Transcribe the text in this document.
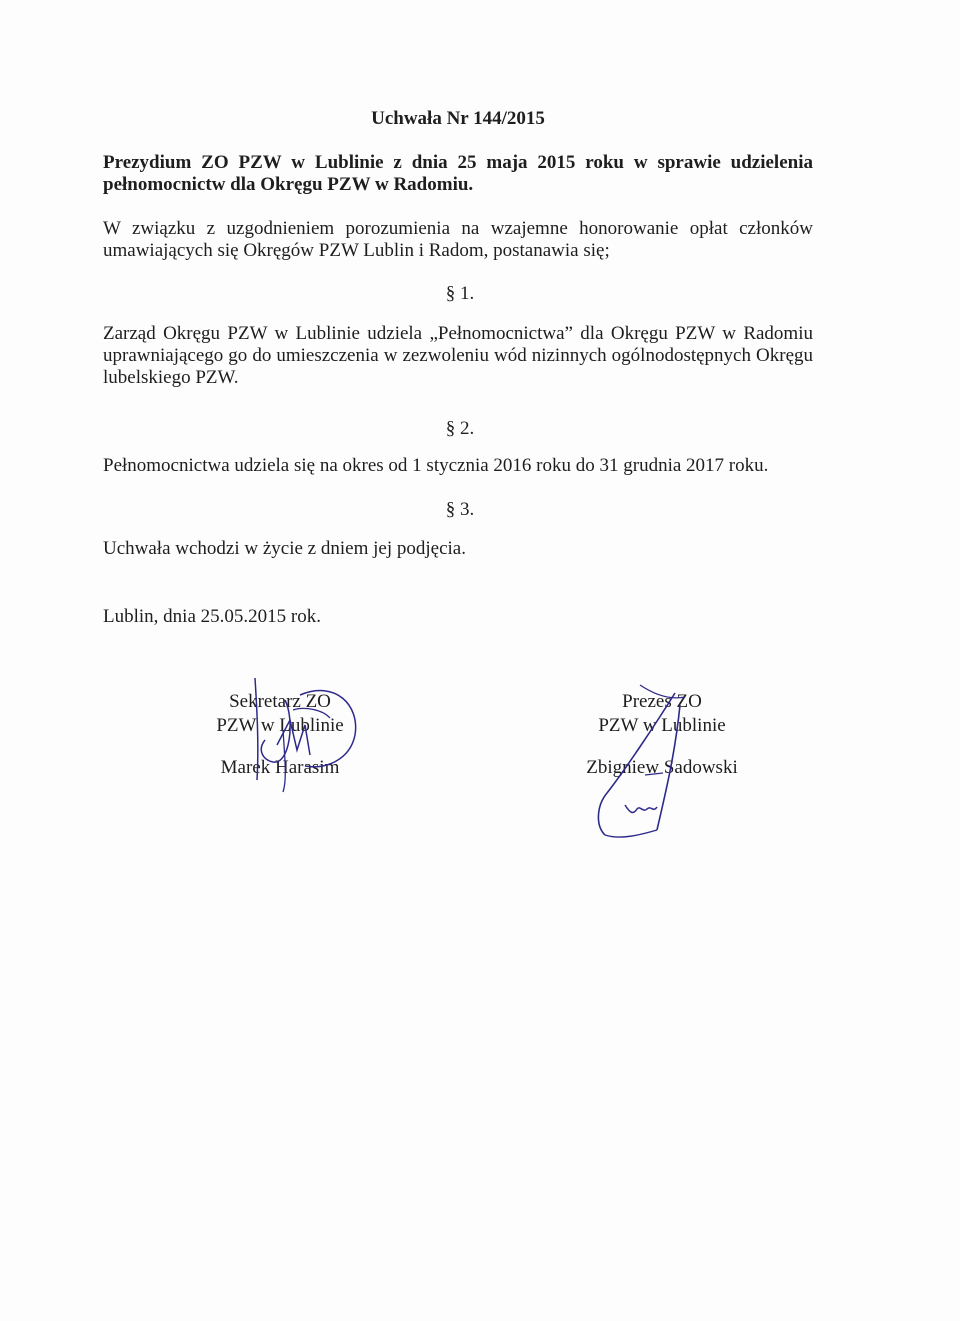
Uchwała Nr 144/2015
Prezydium ZO PZW w Lublinie z dnia 25 maja 2015 roku w sprawie udzielenia pełnomocnictw dla Okręgu PZW w Radomiu.
W związku z uzgodnieniem porozumienia na wzajemne honorowanie opłat członków umawiających się Okręgów PZW Lublin i Radom, postanawia się;
§ 1.
Zarząd Okręgu PZW w Lublinie udziela „Pełnomocnictwa” dla Okręgu PZW w Radomiu uprawniającego go do umieszczenia w zezwoleniu wód nizinnych ogólnodostępnych Okręgu lubelskiego PZW.
§ 2.
Pełnomocnictwa udziela się na okres od 1 stycznia 2016 roku do 31 grudnia 2017 roku.
§ 3.
Uchwała wchodzi w życie z dniem jej podjęcia.
Lublin, dnia 25.05.2015 rok.
Sekretarz ZO
PZW w Lublinie
Marek Harasim
Prezes ZO
PZW w Lublinie
Zbigniew Sadowski
